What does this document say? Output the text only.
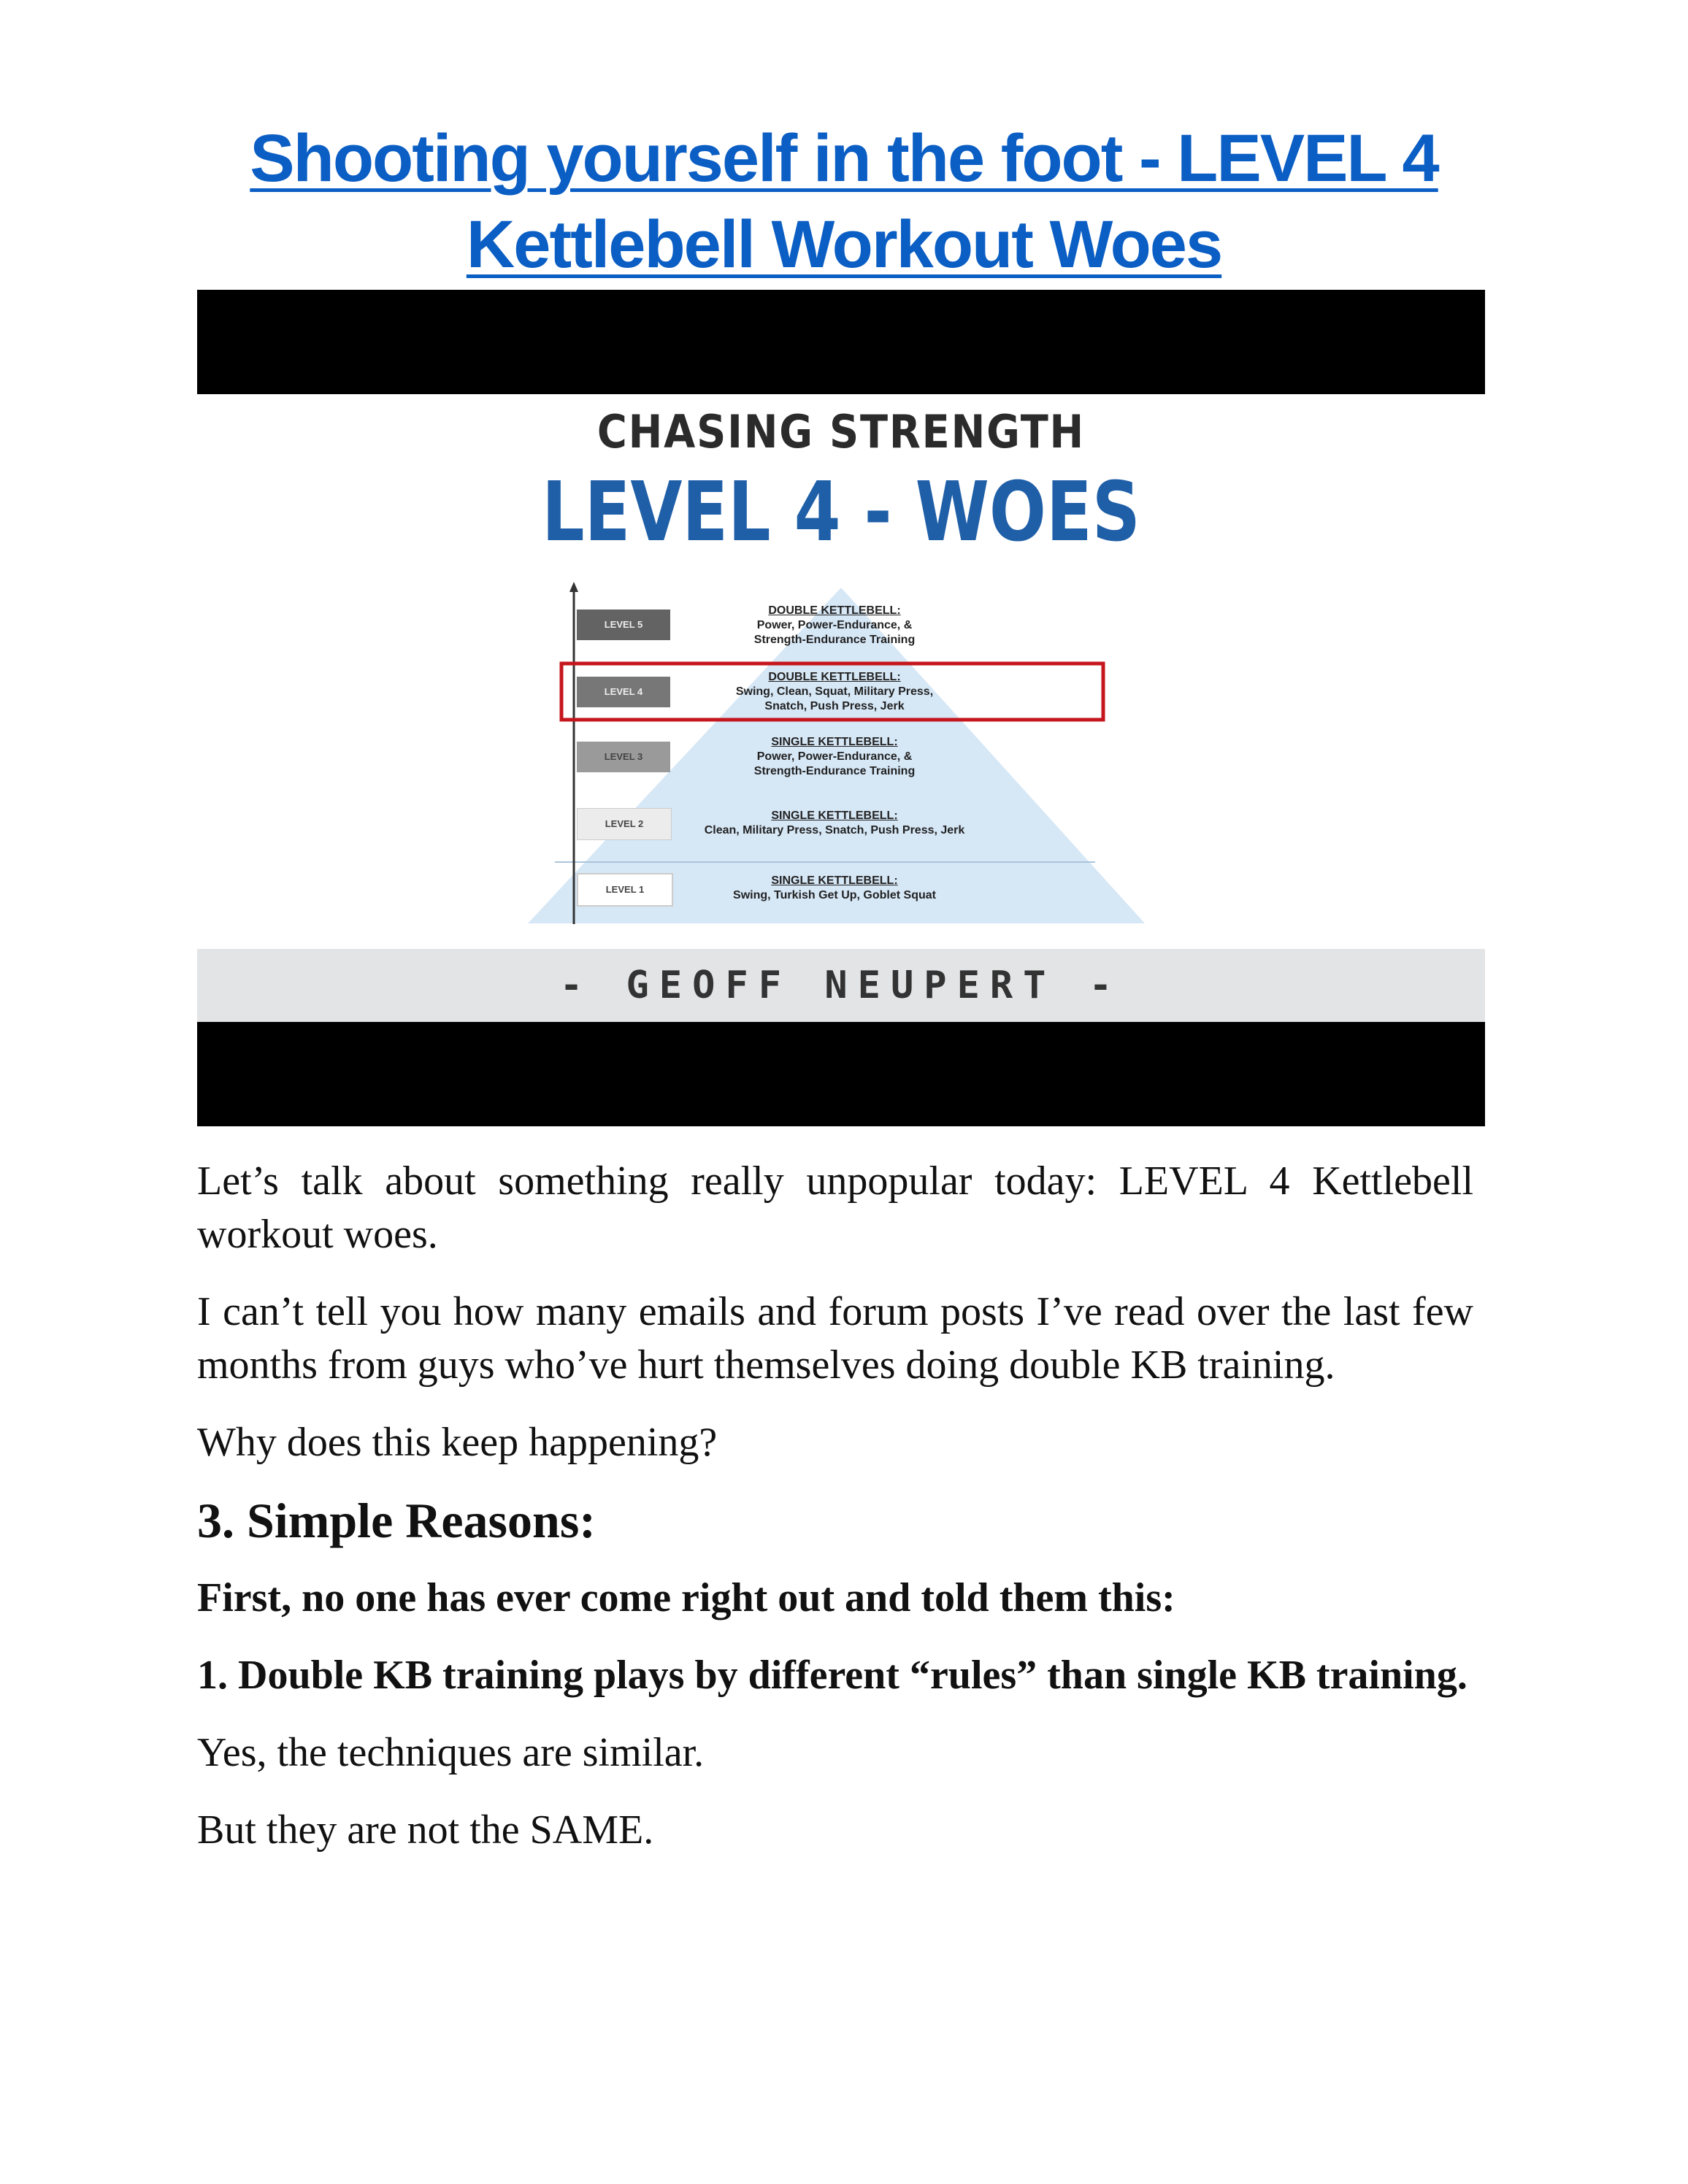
Shooting yourself in the foot - LEVEL 4
Kettlebell Workout Woes
CHASING STRENGTH
LEVEL 4 - WOES
LEVEL 5
LEVEL 4
LEVEL 3
LEVEL 2
LEVEL 1
DOUBLE KETTLEBELL:
Power, Power-Endurance, &
Strength-Endurance Training
DOUBLE KETTLEBELL:
Swing, Clean, Squat, Military Press,
Snatch, Push Press, Jerk
SINGLE KETTLEBELL:
Power, Power-Endurance, &
Strength-Endurance Training
SINGLE KETTLEBELL:
Clean, Military Press, Snatch, Push Press, Jerk
SINGLE KETTLEBELL:
Swing, Turkish Get Up, Goblet Squat
- GEOFF NEUPERT -

Let’s talk about something really unpopular today: LEVEL 4 Kettlebell workout woes.

I can’t tell you how many emails and forum posts I’ve read over the last few months from guys who’ve hurt themselves doing double KB training.

Why does this keep happening?

3. Simple Reasons:

First, no one has ever come right out and told them this:

1. Double KB training plays by different “rules” than single KB training.

Yes, the techniques are similar.

But they are not the SAME.
